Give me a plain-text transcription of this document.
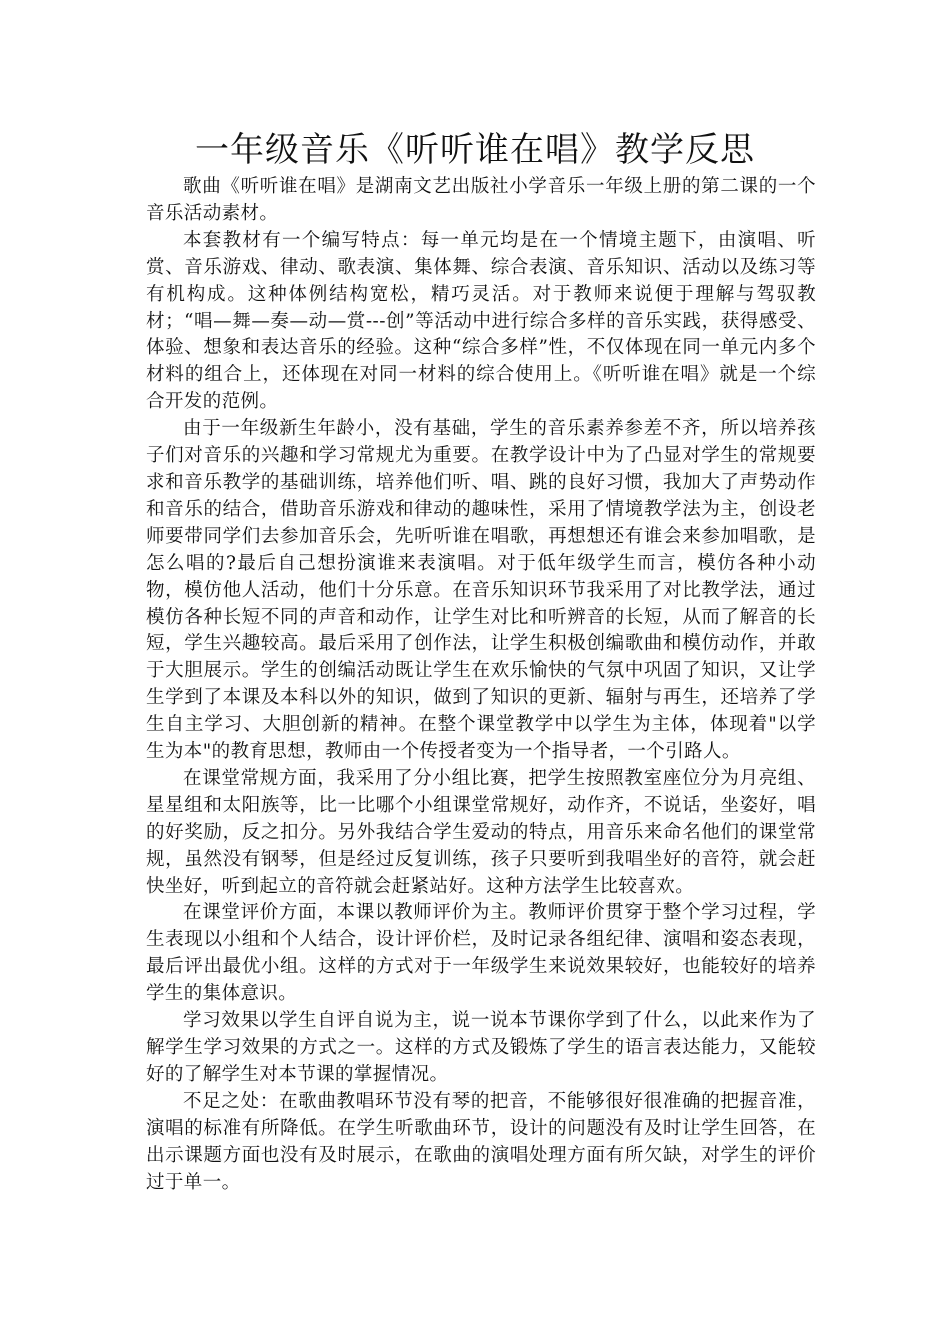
一年级音乐《听听谁在唱》教学反思

歌曲《听听谁在唱》是湖南文艺出版社小学音乐一年级上册的第二课的一个音乐活动素材。

本套教材有一个编写特点：每一单元均是在一个情境主题下，由演唱、听赏、音乐游戏、律动、歌表演、集体舞、综合表演、音乐知识、活动以及练习等有机构成。这种体例结构宽松，精巧灵活。对于教师来说便于理解与驾驭教材；“唱—舞—奏—动—赏---创”等活动中进行综合多样的音乐实践，获得感受、体验、想象和表达音乐的经验。这种“综合多样”性，不仅体现在同一单元内多个材料的组合上，还体现在对同一材料的综合使用上。《听听谁在唱》就是一个综合开发的范例。

由于一年级新生年龄小，没有基础，学生的音乐素养参差不齐，所以培养孩子们对音乐的兴趣和学习常规尤为重要。在教学设计中为了凸显对学生的常规要求和音乐教学的基础训练，培养他们听、唱、跳的良好习惯，我加大了声势动作和音乐的结合，借助音乐游戏和律动的趣味性，采用了情境教学法为主，创设老师要带同学们去参加音乐会，先听听谁在唱歌，再想想还有谁会来参加唱歌，是怎么唱的?最后自己想扮演谁来表演唱。对于低年级学生而言，模仿各种小动物，模仿他人活动，他们十分乐意。在音乐知识环节我采用了对比教学法，通过模仿各种长短不同的声音和动作，让学生对比和听辨音的长短，从而了解音的长短，学生兴趣较高。最后采用了创作法，让学生积极创编歌曲和模仿动作，并敢于大胆展示。学生的创编活动既让学生在欢乐愉快的气氛中巩固了知识，又让学生学到了本课及本科以外的知识，做到了知识的更新、辐射与再生，还培养了学生自主学习、大胆创新的精神。在整个课堂教学中以学生为主体，体现着"以学生为本"的教育思想，教师由一个传授者变为一个指导者，一个引路人。

在课堂常规方面，我采用了分小组比赛，把学生按照教室座位分为月亮组、星星组和太阳族等，比一比哪个小组课堂常规好，动作齐，不说话，坐姿好，唱的好奖励，反之扣分。另外我结合学生爱动的特点，用音乐来命名他们的课堂常规，虽然没有钢琴，但是经过反复训练，孩子只要听到我唱坐好的音符，就会赶快坐好，听到起立的音符就会赶紧站好。这种方法学生比较喜欢。

在课堂评价方面，本课以教师评价为主。教师评价贯穿于整个学习过程，学生表现以小组和个人结合，设计评价栏，及时记录各组纪律、演唱和姿态表现，最后评出最优小组。这样的方式对于一年级学生来说效果较好，也能较好的培养学生的集体意识。

学习效果以学生自评自说为主，说一说本节课你学到了什么，以此来作为了解学生学习效果的方式之一。这样的方式及锻炼了学生的语言表达能力，又能较好的了解学生对本节课的掌握情况。

不足之处：在歌曲教唱环节没有琴的把音，不能够很好很准确的把握音准，演唱的标准有所降低。在学生听歌曲环节，设计的问题没有及时让学生回答，在出示课题方面也没有及时展示，在歌曲的演唱处理方面有所欠缺，对学生的评价过于单一。
